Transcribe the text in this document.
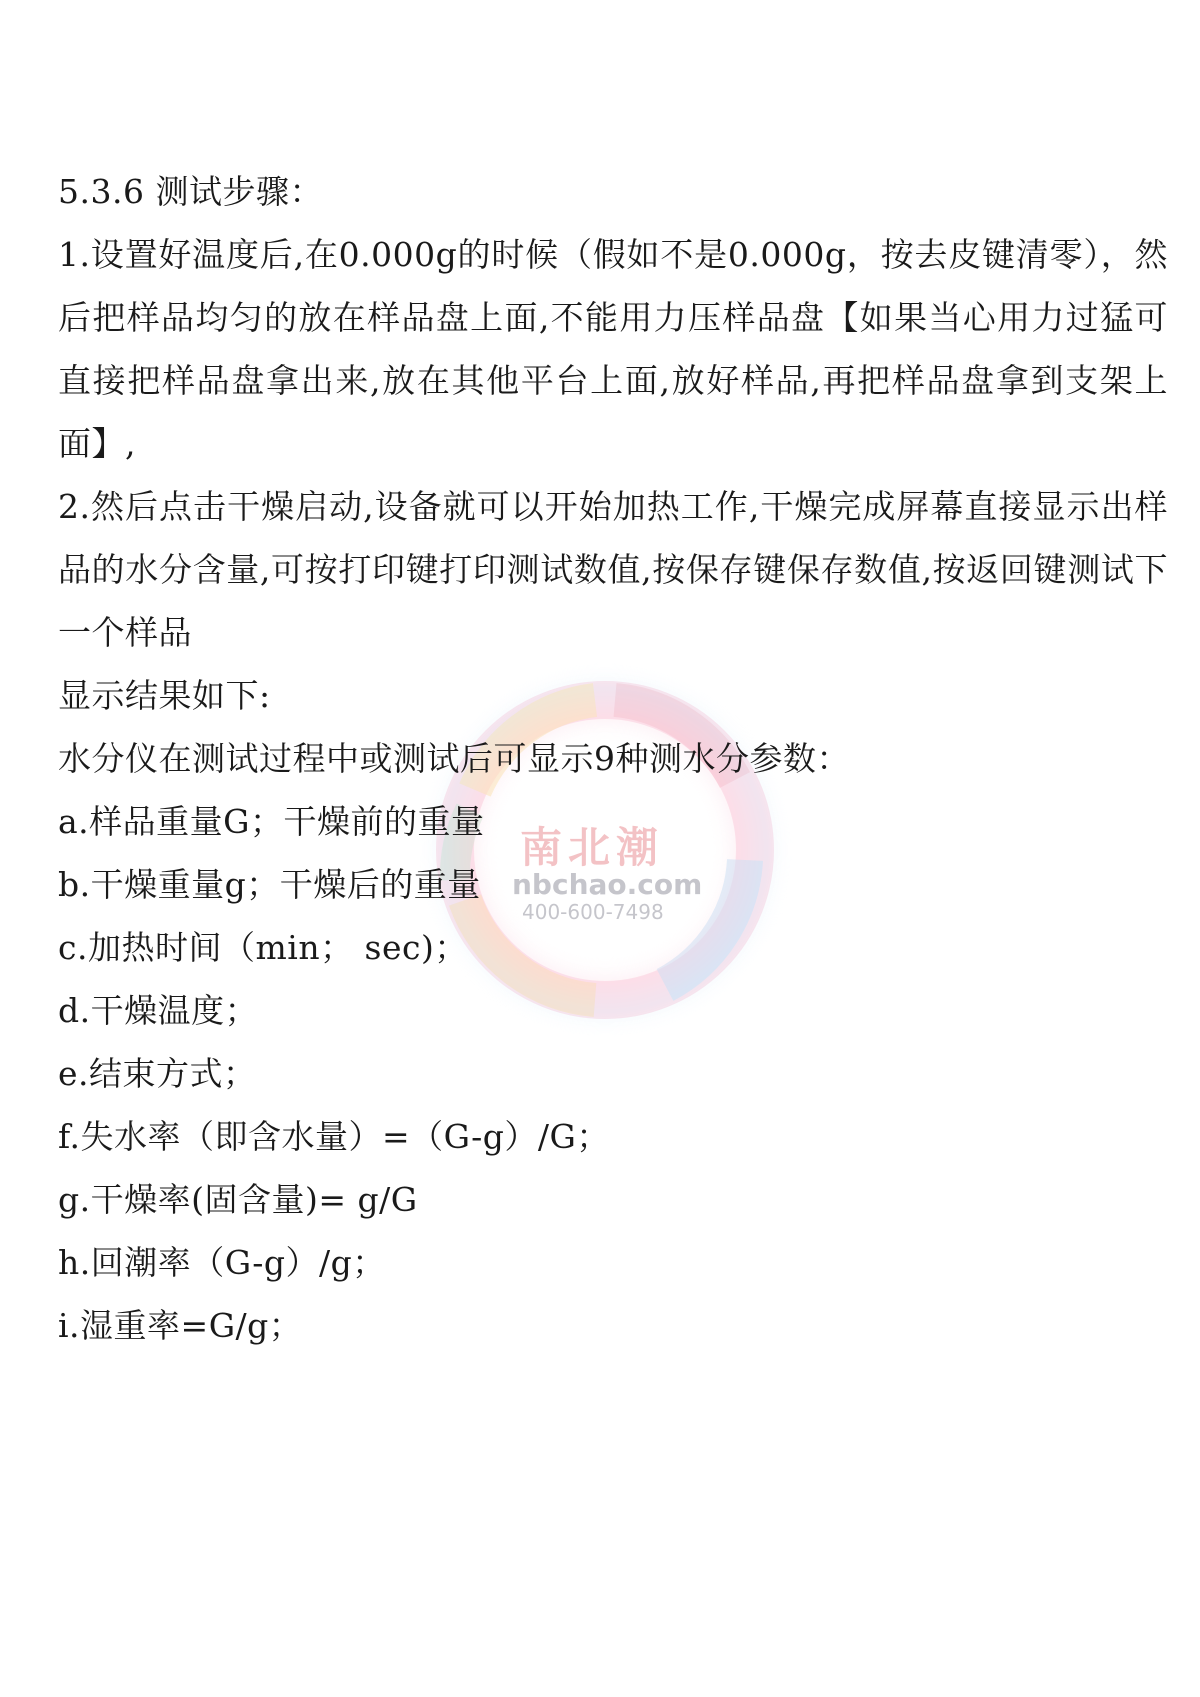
南北潮
nbchao.com
400-600-7498
5.3.6 测试步骤：
1.设置好温度后,在0.000g的时候（假如不是0.000g，按去皮键清零），然后把样品均匀的放在样品盘上面,不能用力压样品盘【如果当心用力过猛可直接把样品盘拿出来,放在其他平台上面,放好样品,再把样品盘拿到支架上面】,
2.然后点击干燥启动,设备就可以开始加热工作,干燥完成屏幕直接显示出样品的水分含量,可按打印键打印测试数值,按保存键保存数值,按返回键测试下一个样品
显示结果如下:
水分仪在测试过程中或测试后可显示9种测水分参数：
a.样品重量G；干燥前的重量
b.干燥重量g；干燥后的重量
c.加热时间（min； sec)；
d.干燥温度；
e.结束方式；
f.失水率（即含水量）=（G-g）/G；
g.干燥率(固含量)= g/G
h.回潮率（G-g）/g；
i.湿重率=G/g；
